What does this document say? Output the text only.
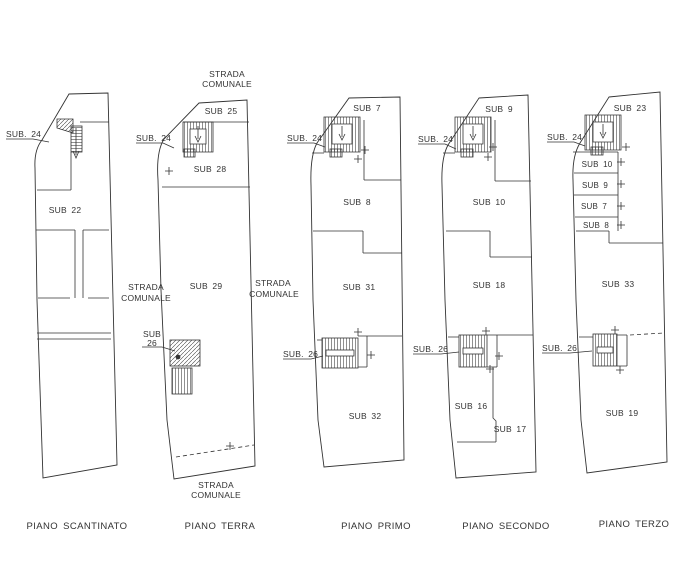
SUB. 24
SUB 22
PIANO SCANTINATO
STRADA
COMUNALE
SUB 25
SUB. 24
SUB 28
STRADA
COMUNALE
SUB 29
SUB
26
STRADA
COMUNALE
PIANO TERRA
SUB 7
SUB. 24
SUB 8
STRADA
COMUNALE
SUB 31
SUB. 26
SUB 32
PIANO PRIMO
SUB 9
SUB. 24
SUB 10
SUB 18
SUB. 26
SUB 16
SUB 17
PIANO SECONDO
SUB 23
SUB. 24
SUB 10
SUB 9
SUB 7
SUB 8
SUB 33
SUB. 26
SUB 19
PIANO TERZO
